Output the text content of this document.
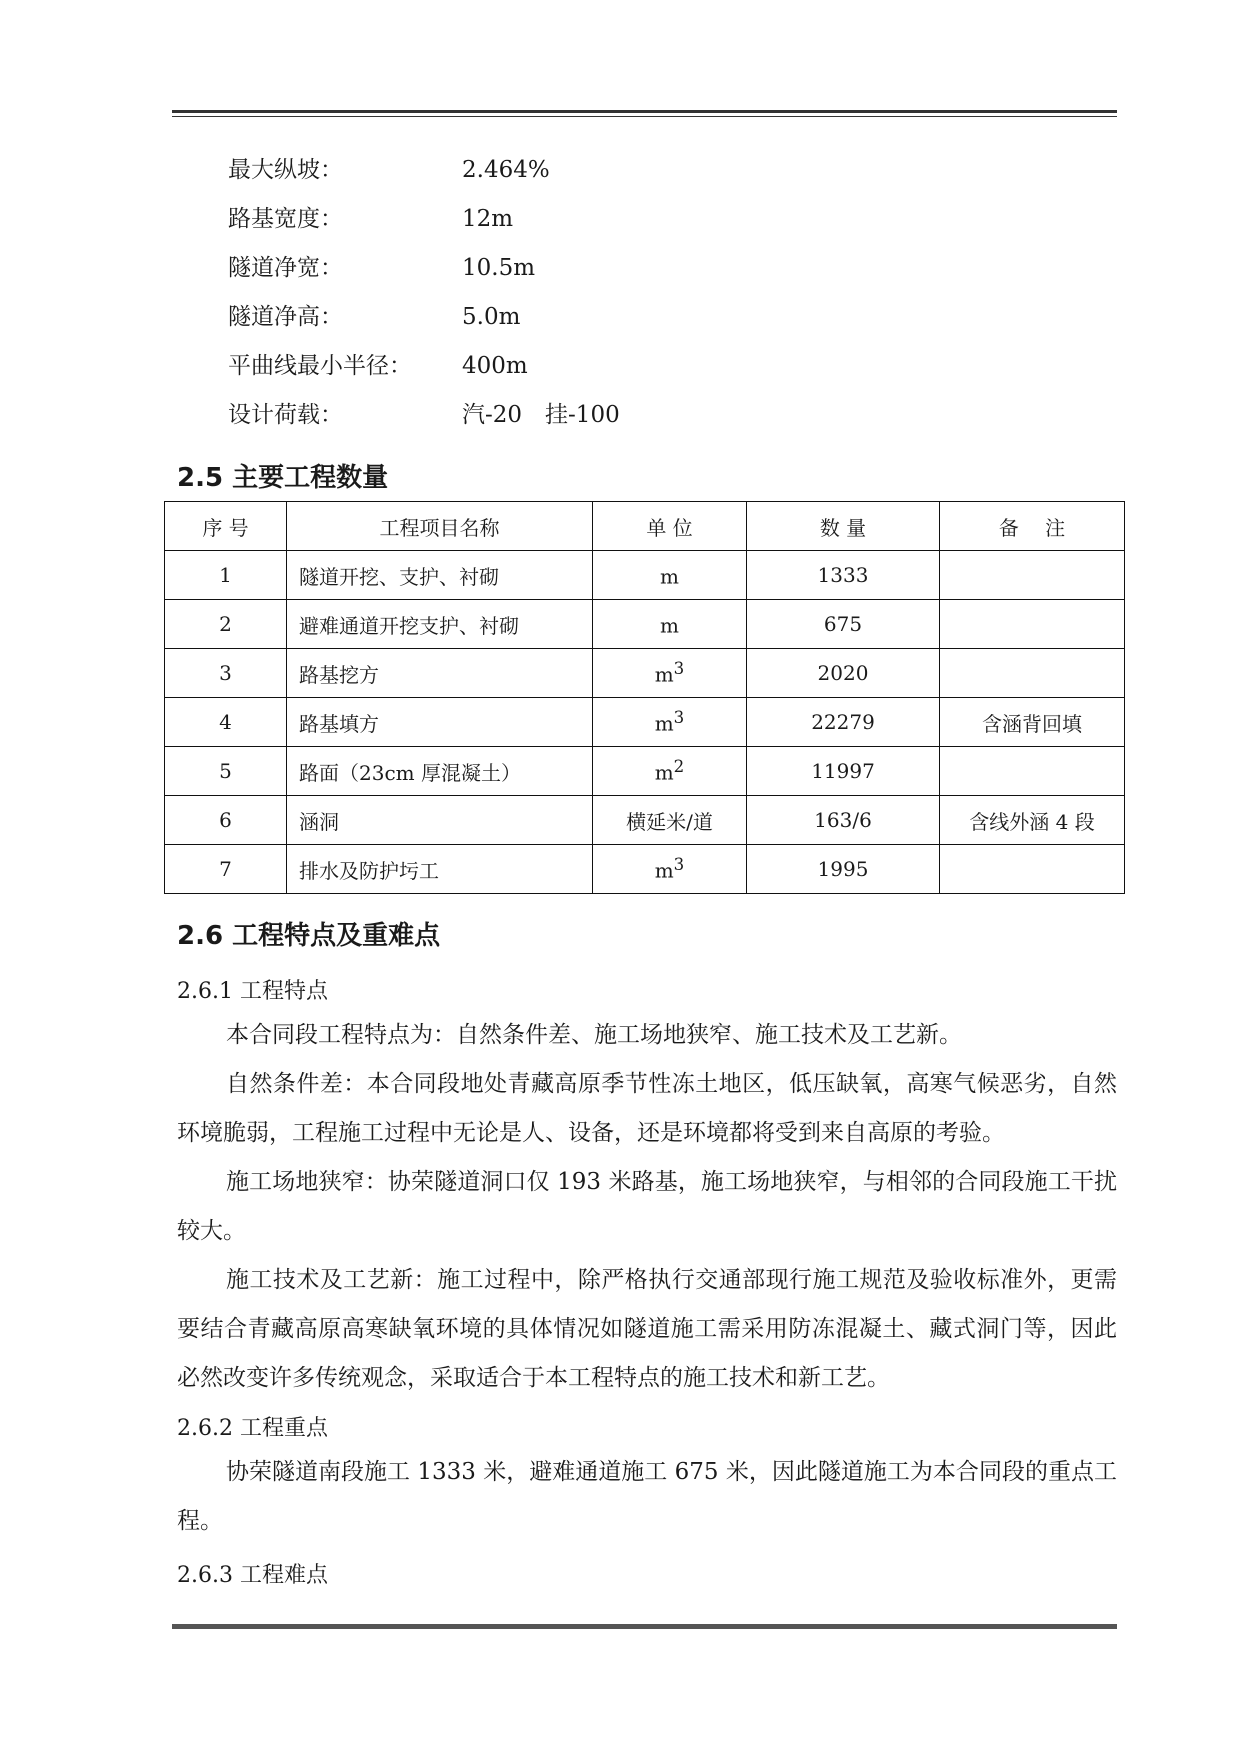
最大纵坡：	2.464%
路基宽度：	12m
隧道净宽：	10.5m
隧道净高：	5.0m
平曲线最小半径： 400m
设计荷载：	汽-20　挂-100
2.5 主要工程数量
序 号	工程项目名称	单 位	数 量	备　 注
1	隧道开挖、支护、衬砌	m	1333	
2	避难通道开挖支护、衬砌	m	675	
3	路基挖方	$m^3$	2020	
4	路基填方	$m^3$	22279	含涵背回填
5	路面（23cm 厚混凝土）	$m^2$	11997	
6	涵洞	横延米/道	163/6	含线外涵 4 段
7	排水及防护圬工	$m^3$	1995	
2.6 工程特点及重难点
2.6.1 工程特点

本合同段工程特点为：自然条件差、施工场地狭窄、施工技术及工艺新。

自然条件差：本合同段地处青藏高原季节性冻土地区，低压缺氧，高寒气候恶劣，自然环境脆弱，工程施工过程中无论是人、设备，还是环境都将受到来自高原的考验。

施工场地狭窄：协荣隧道洞口仅 193 米路基，施工场地狭窄，与相邻的合同段施工干扰较大。

施工技术及工艺新：施工过程中，除严格执行交通部现行施工规范及验收标准外，更需要结合青藏高原高寒缺氧环境的具体情况如隧道施工需采用防冻混凝土、藏式洞门等，因此必然改变许多传统观念，采取适合于本工程特点的施工技术和新工艺。

2.6.2 工程重点

协荣隧道南段施工 1333 米，避难通道施工 675 米，因此隧道施工为本合同段的重点工程。

2.6.3 工程难点
